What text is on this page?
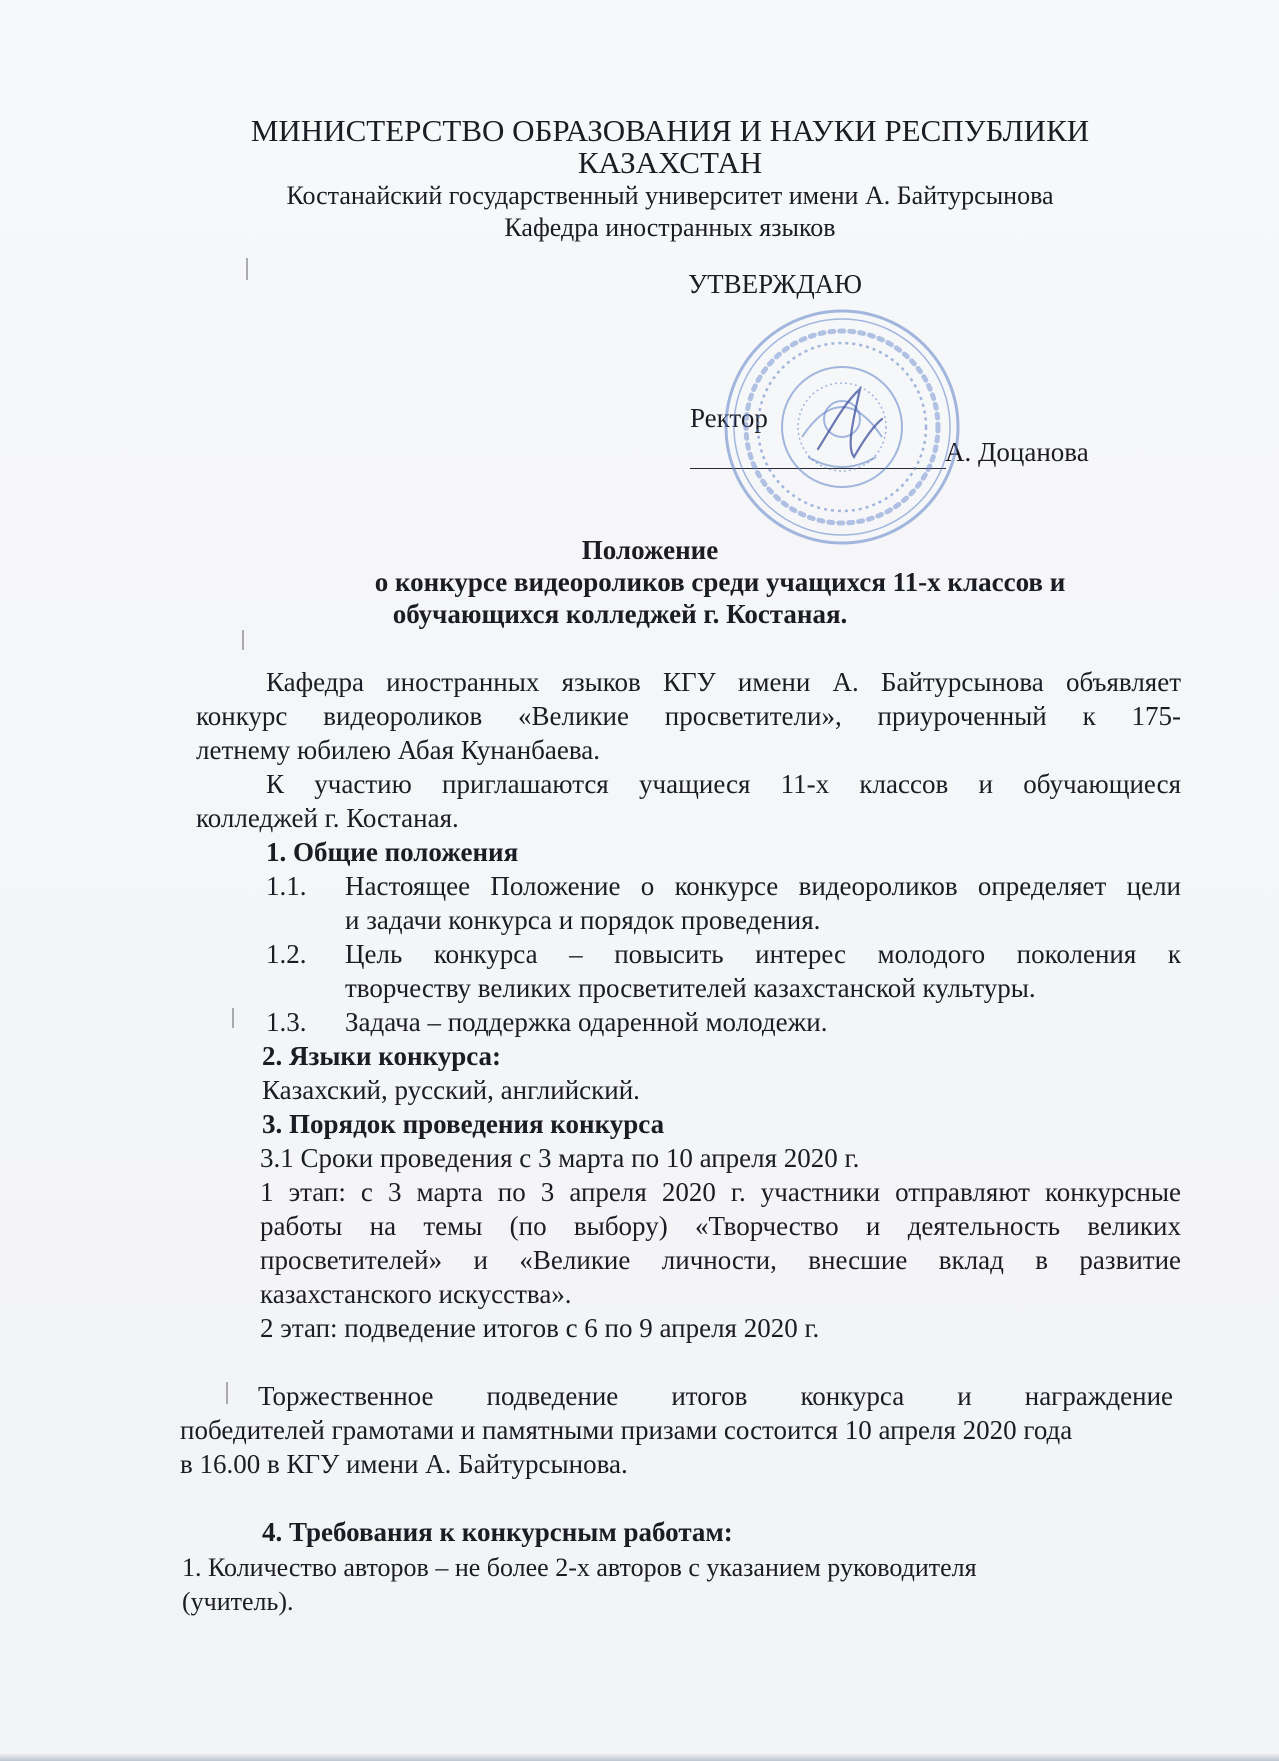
МИНИСТЕРСТВО ОБРАЗОВАНИЯ И НАУКИ РЕСПУБЛИКИ

КАЗАХСТАН

Костанайский государственный университет имени А. Байтурсынова

Кафедра иностранных языков

УТВЕРЖДАЮ

Ректор

А. Доцанова

Положение

о конкурсе видеороликов среди учащихся 11-х классов и

обучающихся колледжей г. Костаная.

Кафедра иностранных языков КГУ имени А. Байтурсынова объявляет

конкурс видеороликов «Великие просветители», приуроченный к 175-

летнему юбилею Абая Кунанбаева.

К участию приглашаются учащиеся 11-х классов и обучающиеся

колледжей г. Костаная.

1. Общие положения

1.1. Настоящее Положение о конкурсе видеороликов определяет цели

и задачи конкурса и порядок проведения.

1.2. Цель конкурса – повысить интерес молодого поколения к

творчеству великих просветителей казахстанской культуры.

1.3. Задача – поддержка одаренной молодежи.

2. Языки конкурса:

Казахский, русский, английский.

3. Порядок проведения конкурса

3.1 Сроки проведения с 3 марта по 10 апреля 2020 г.

1 этап: с 3 марта по 3 апреля 2020 г. участники отправляют конкурсные

работы на темы (по выбору) «Творчество и деятельность великих

просветителей» и «Великие личности, внесшие вклад в развитие

казахстанского искусства».

2 этап: подведение итогов с 6 по 9 апреля 2020 г.

Торжественное подведение итогов конкурса и награждение

победителей грамотами и памятными призами состоится 10 апреля 2020 года

в 16.00 в КГУ имени А. Байтурсынова.

4. Требования к конкурсным работам:

1. Количество авторов – не более 2-х авторов с указанием руководителя

(учитель).
